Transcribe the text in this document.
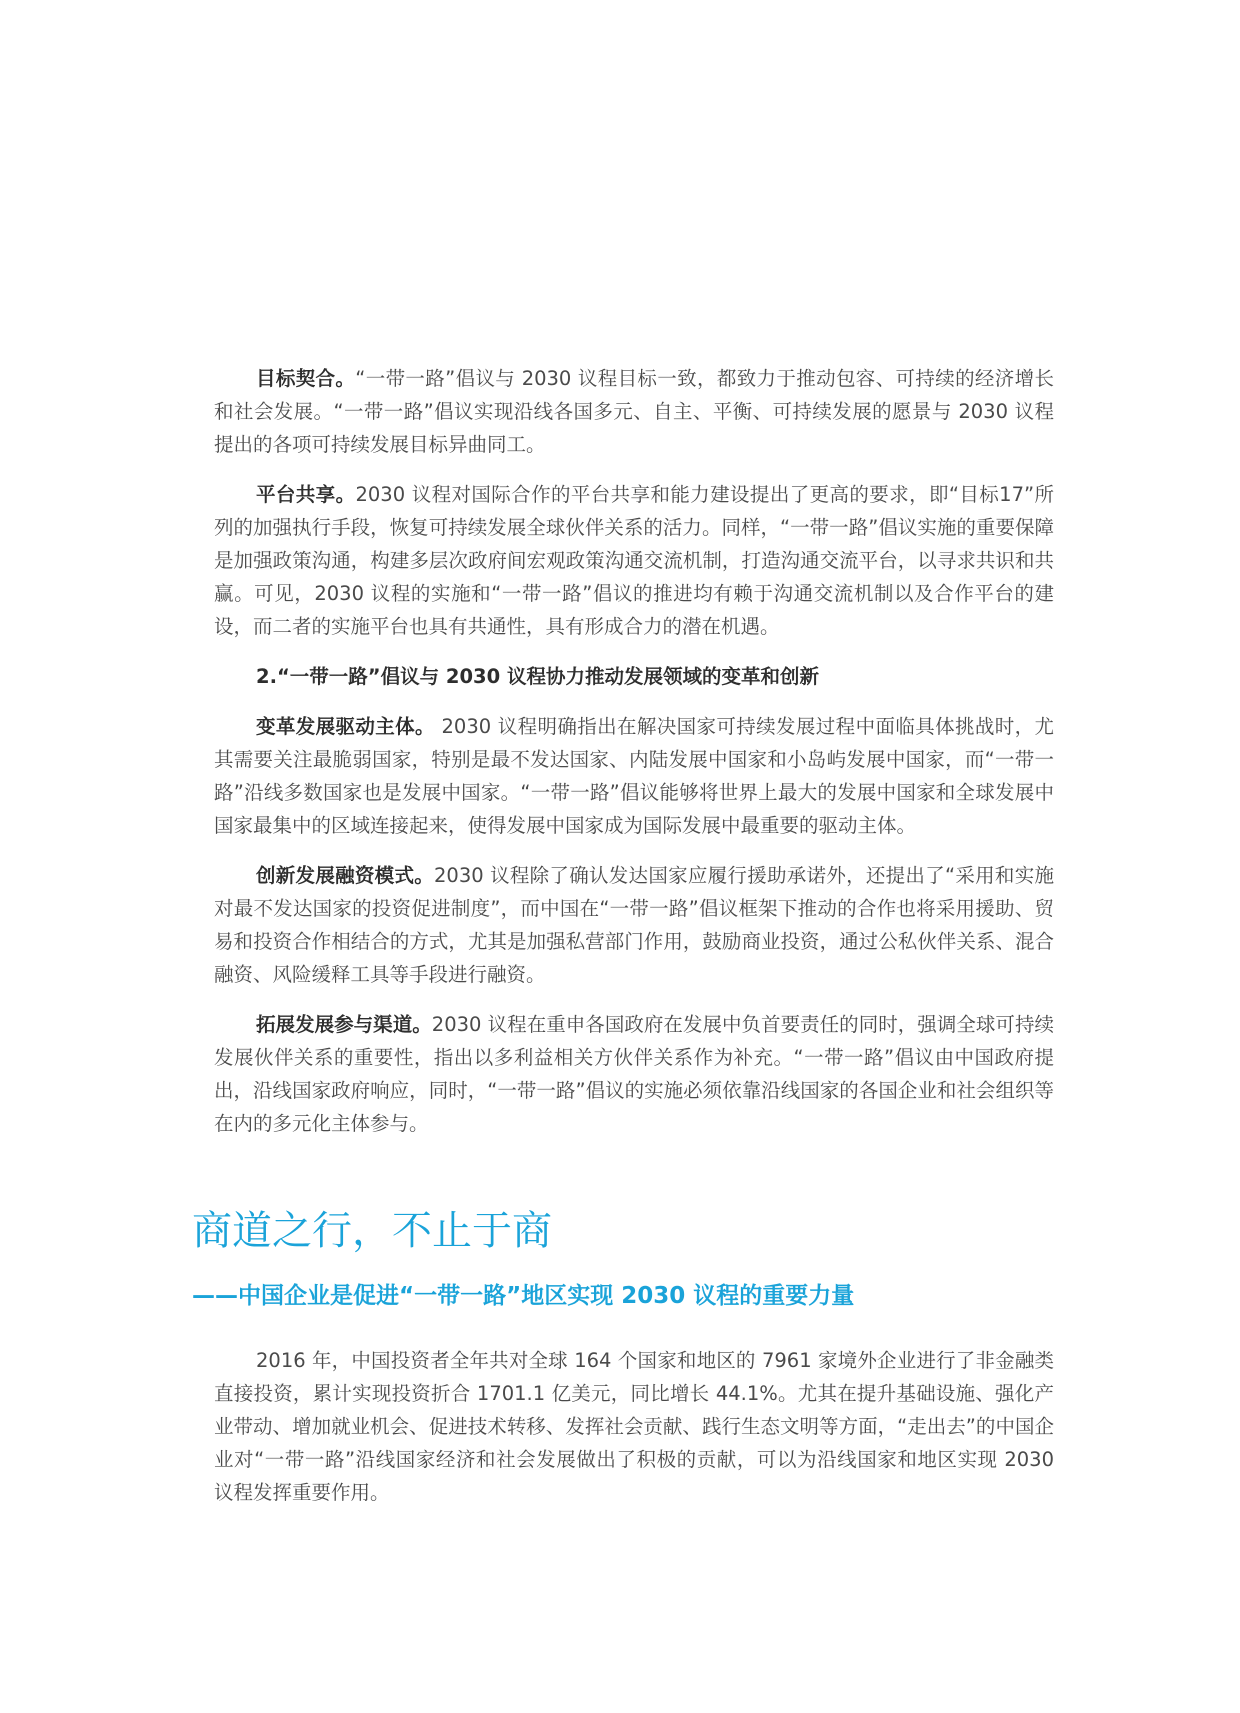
目标契合。“一带一路”倡议与 2030 议程目标一致，都致力于推动包容、可持续的经济增长和社会发展。“一带一路”倡议实现沿线各国多元、自主、平衡、可持续发展的愿景与 2030 议程提出的各项可持续发展目标异曲同工。

平台共享。2030 议程对国际合作的平台共享和能力建设提出了更高的要求，即“目标17”所列的加强执行手段，恢复可持续发展全球伙伴关系的活力。同样，“一带一路”倡议实施的重要保障是加强政策沟通，构建多层次政府间宏观政策沟通交流机制，打造沟通交流平台，以寻求共识和共赢。可见，2030 议程的实施和“一带一路”倡议的推进均有赖于沟通交流机制以及合作平台的建设，而二者的实施平台也具有共通性，具有形成合力的潜在机遇。

2.“一带一路”倡议与 2030 议程协力推动发展领域的变革和创新

变革发展驱动主体。 2030 议程明确指出在解决国家可持续发展过程中面临具体挑战时，尤其需要关注最脆弱国家，特别是最不发达国家、内陆发展中国家和小岛屿发展中国家，而“一带一路”沿线多数国家也是发展中国家。“一带一路”倡议能够将世界上最大的发展中国家和全球发展中国家最集中的区域连接起来，使得发展中国家成为国际发展中最重要的驱动主体。

创新发展融资模式。2030 议程除了确认发达国家应履行援助承诺外，还提出了“采用和实施对最不发达国家的投资促进制度”，而中国在“一带一路”倡议框架下推动的合作也将采用援助、贸易和投资合作相结合的方式，尤其是加强私营部门作用，鼓励商业投资，通过公私伙伴关系、混合融资、风险缓释工具等手段进行融资。

拓展发展参与渠道。2030 议程在重申各国政府在发展中负首要责任的同时，强调全球可持续发展伙伴关系的重要性，指出以多利益相关方伙伴关系作为补充。“一带一路”倡议由中国政府提出，沿线国家政府响应，同时，“一带一路”倡议的实施必须依靠沿线国家的各国企业和社会组织等在内的多元化主体参与。

商道之行，不止于商
——中国企业是促进“一带一路”地区实现 2030 议程的重要力量

2016 年，中国投资者全年共对全球 164 个国家和地区的 7961 家境外企业进行了非金融类直接投资，累计实现投资折合 1701.1 亿美元，同比增长 44.1%。尤其在提升基础设施、强化产业带动、增加就业机会、促进技术转移、发挥社会贡献、践行生态文明等方面，“走出去”的中国企业对“一带一路”沿线国家经济和社会发展做出了积极的贡献，可以为沿线国家和地区实现 2030 议程发挥重要作用。
